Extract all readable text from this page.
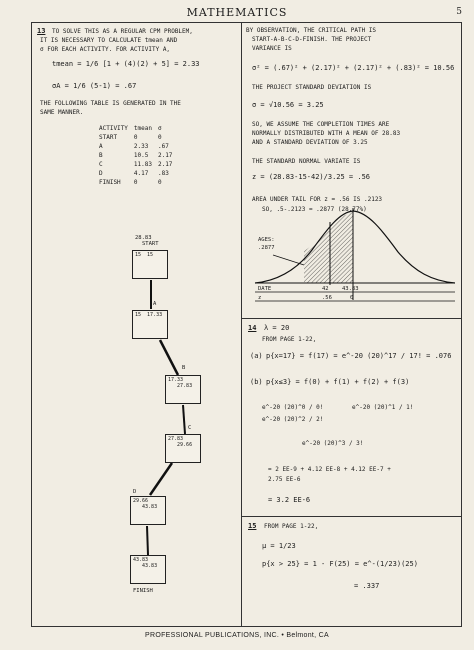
MATHEMATICS	5
13 TO SOLVE THIS AS A REGULAR CPM PROBLEM,
IT IS NECESSARY TO CALCULATE tmean AND
σ FOR EACH ACTIVITY. FOR ACTIVITY A,
tmean = 1/6 [1 + (4)(2) + 5] = 2.33
σA = 1/6 (5-1) = .67
THE FOLLOWING TABLE IS GENERATED IN THE
SAME MANNER.
ACTIVITY	tmean	σ
START	0	0
A	2.33	.67
B	10.5	2.17
C	11.83	2.17
D	4.17	.83
FINISH	0	0
28.83
START
15  15
A
15  17.33
B
17.33
27.83
C
27.83
29.66
D
29.66
43.83
43.83
43.83
FINISH
BY OBSERVATION, THE CRITICAL PATH IS
START-A-B-C-D-FINISH. THE PROJECT
VARIANCE IS
σ² = (.67)² + (2.17)² + (2.17)² + (.83)² = 10.56
THE PROJECT STANDARD DEVIATION IS
σ = √10.56 = 3.25
SO, WE ASSUME THE COMPLETION TIMES ARE
NORMALLY DISTRIBUTED WITH A MEAN OF 28.83
AND A STANDARD DEVIATION OF 3.25
THE STANDARD NORMAL VARIATE IS
z = (28.83-15-42)/3.25 = .56
AREA UNDER TAIL FOR z = .56 IS .2123
SO, .5-.2123 = .2877 (28.77%)
AGES:
.2877
DATE
z
42 43.83
.56	0
14 λ = 20
FROM PAGE 1-22,
(a) p{x=17} = f(17) = e^-20 (20)^17 / 17! = .076
(b) p{x≤3} = f(0) + f(1) + f(2) + f(3)
e^-20 (20)^0 / 0!	e^-20 (20)^1 / 1!
e^-20 (20)^2 / 2!
e^-20 (20)^3 / 3!
= 2 EE-9 + 4.12 EE-8 + 4.12 EE-7 +
2.75 EE-6
= 3.2 EE-6
15 FROM PAGE 1-22,
μ = 1/23
p{x > 25} = 1 - F(25) = e^-(1/23)(25)
= .337
PROFESSIONAL PUBLICATIONS, INC. • Belmont, CA
